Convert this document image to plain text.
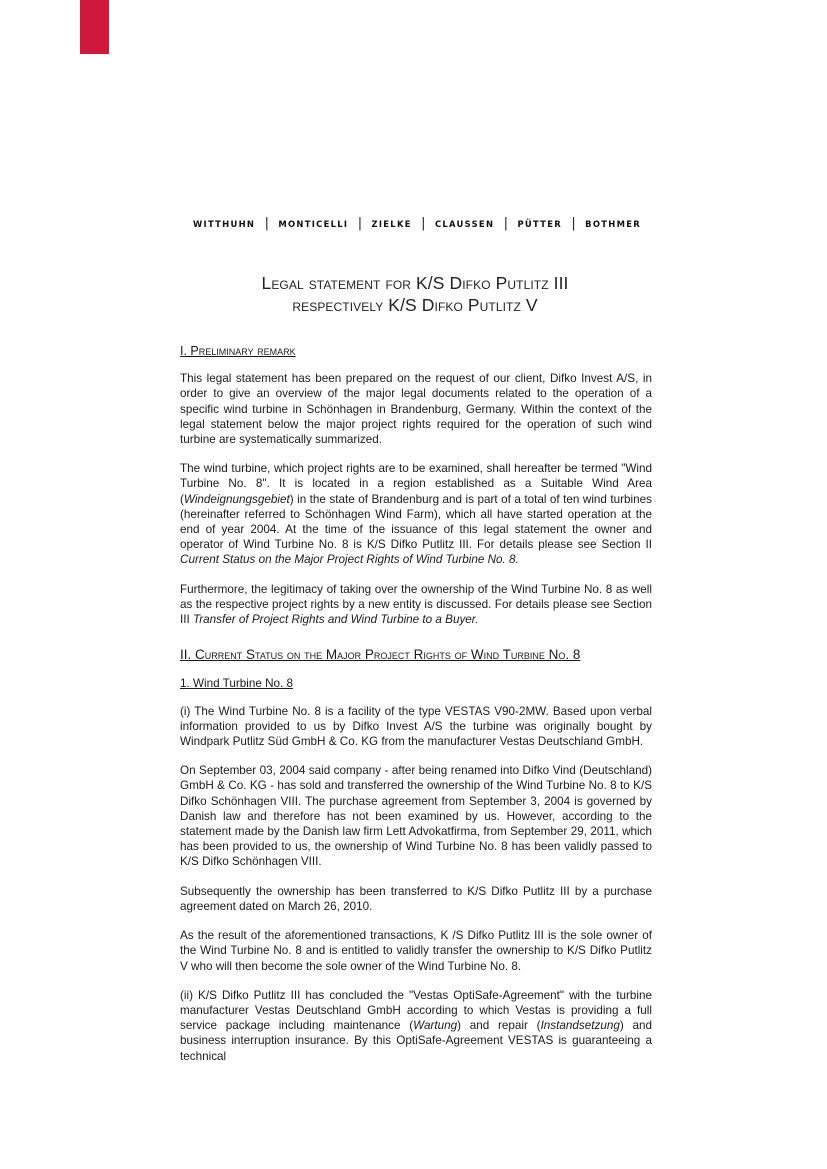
WITTHUHN | MONTICELLI | ZIELKE | CLAUSSEN | PÜTTER | BOTHMER
Legal statement for K/S Difko Putlitz III
respectively K/S Difko Putlitz V
I. Preliminary remark

This legal statement has been prepared on the request of our client, Difko Invest A/S, in order to give an overview of the major legal documents related to the operation of a specific wind turbine in Schönhagen in Brandenburg, Germany. Within the context of the legal statement below the major project rights required for the operation of such wind turbine are systematically summarized.

The wind turbine, which project rights are to be examined, shall hereafter be termed "Wind Turbine No. 8". It is located in a region established as a Suitable Wind Area (Windeignungsgebiet) in the state of Brandenburg and is part of a total of ten wind turbines (hereinafter referred to Schönhagen Wind Farm), which all have started operation at the end of year 2004. At the time of the issuance of this legal statement the owner and operator of Wind Turbine No. 8 is K/S Difko Putlitz III. For details please see Section II Current Status on the Major Project Rights of Wind Turbine No. 8.

Furthermore, the legitimacy of taking over the ownership of the Wind Turbine No. 8 as well as the respective project rights by a new entity is discussed. For details please see Section III Transfer of Project Rights and Wind Turbine to a Buyer.

II. Current Status on the Major Project Rights of Wind Turbine No. 8
1. Wind Turbine No. 8

(i) The Wind Turbine No. 8 is a facility of the type VESTAS V90-2MW. Based upon verbal information provided to us by Difko Invest A/S the turbine was originally bought by Windpark Putlitz Süd GmbH & Co. KG from the manufacturer Vestas Deutschland GmbH.

On September 03, 2004 said company - after being renamed into Difko Vind (Deutschland) GmbH & Co. KG - has sold and transferred the ownership of the Wind Turbine No. 8 to K/S Difko Schönhagen VIII. The purchase agreement from September 3, 2004 is governed by Danish law and therefore has not been examined by us. However, according to the statement made by the Danish law firm Lett Advokatfirma, from September 29, 2011, which has been provided to us, the ownership of Wind Turbine No. 8 has been validly passed to K/S Difko Schönhagen VIII.

Subsequently the ownership has been transferred to K/S Difko Putlitz III by a purchase agreement dated on March 26, 2010.

As the result of the aforementioned transactions, K /S Difko Putlitz III is the sole owner of the Wind Turbine No. 8 and is entitled to validly transfer the ownership to K/S Difko Putlitz V who will then become the sole owner of the Wind Turbine No. 8.

(ii) K/S Difko Putlitz III has concluded the "Vestas OptiSafe-Agreement" with the turbine manufacturer Vestas Deutschland GmbH according to which Vestas is providing a full service package including maintenance (Wartung) and repair (Instandsetzung) and business interruption insurance. By this OptiSafe-Agreement VESTAS is guaranteeing a technical
